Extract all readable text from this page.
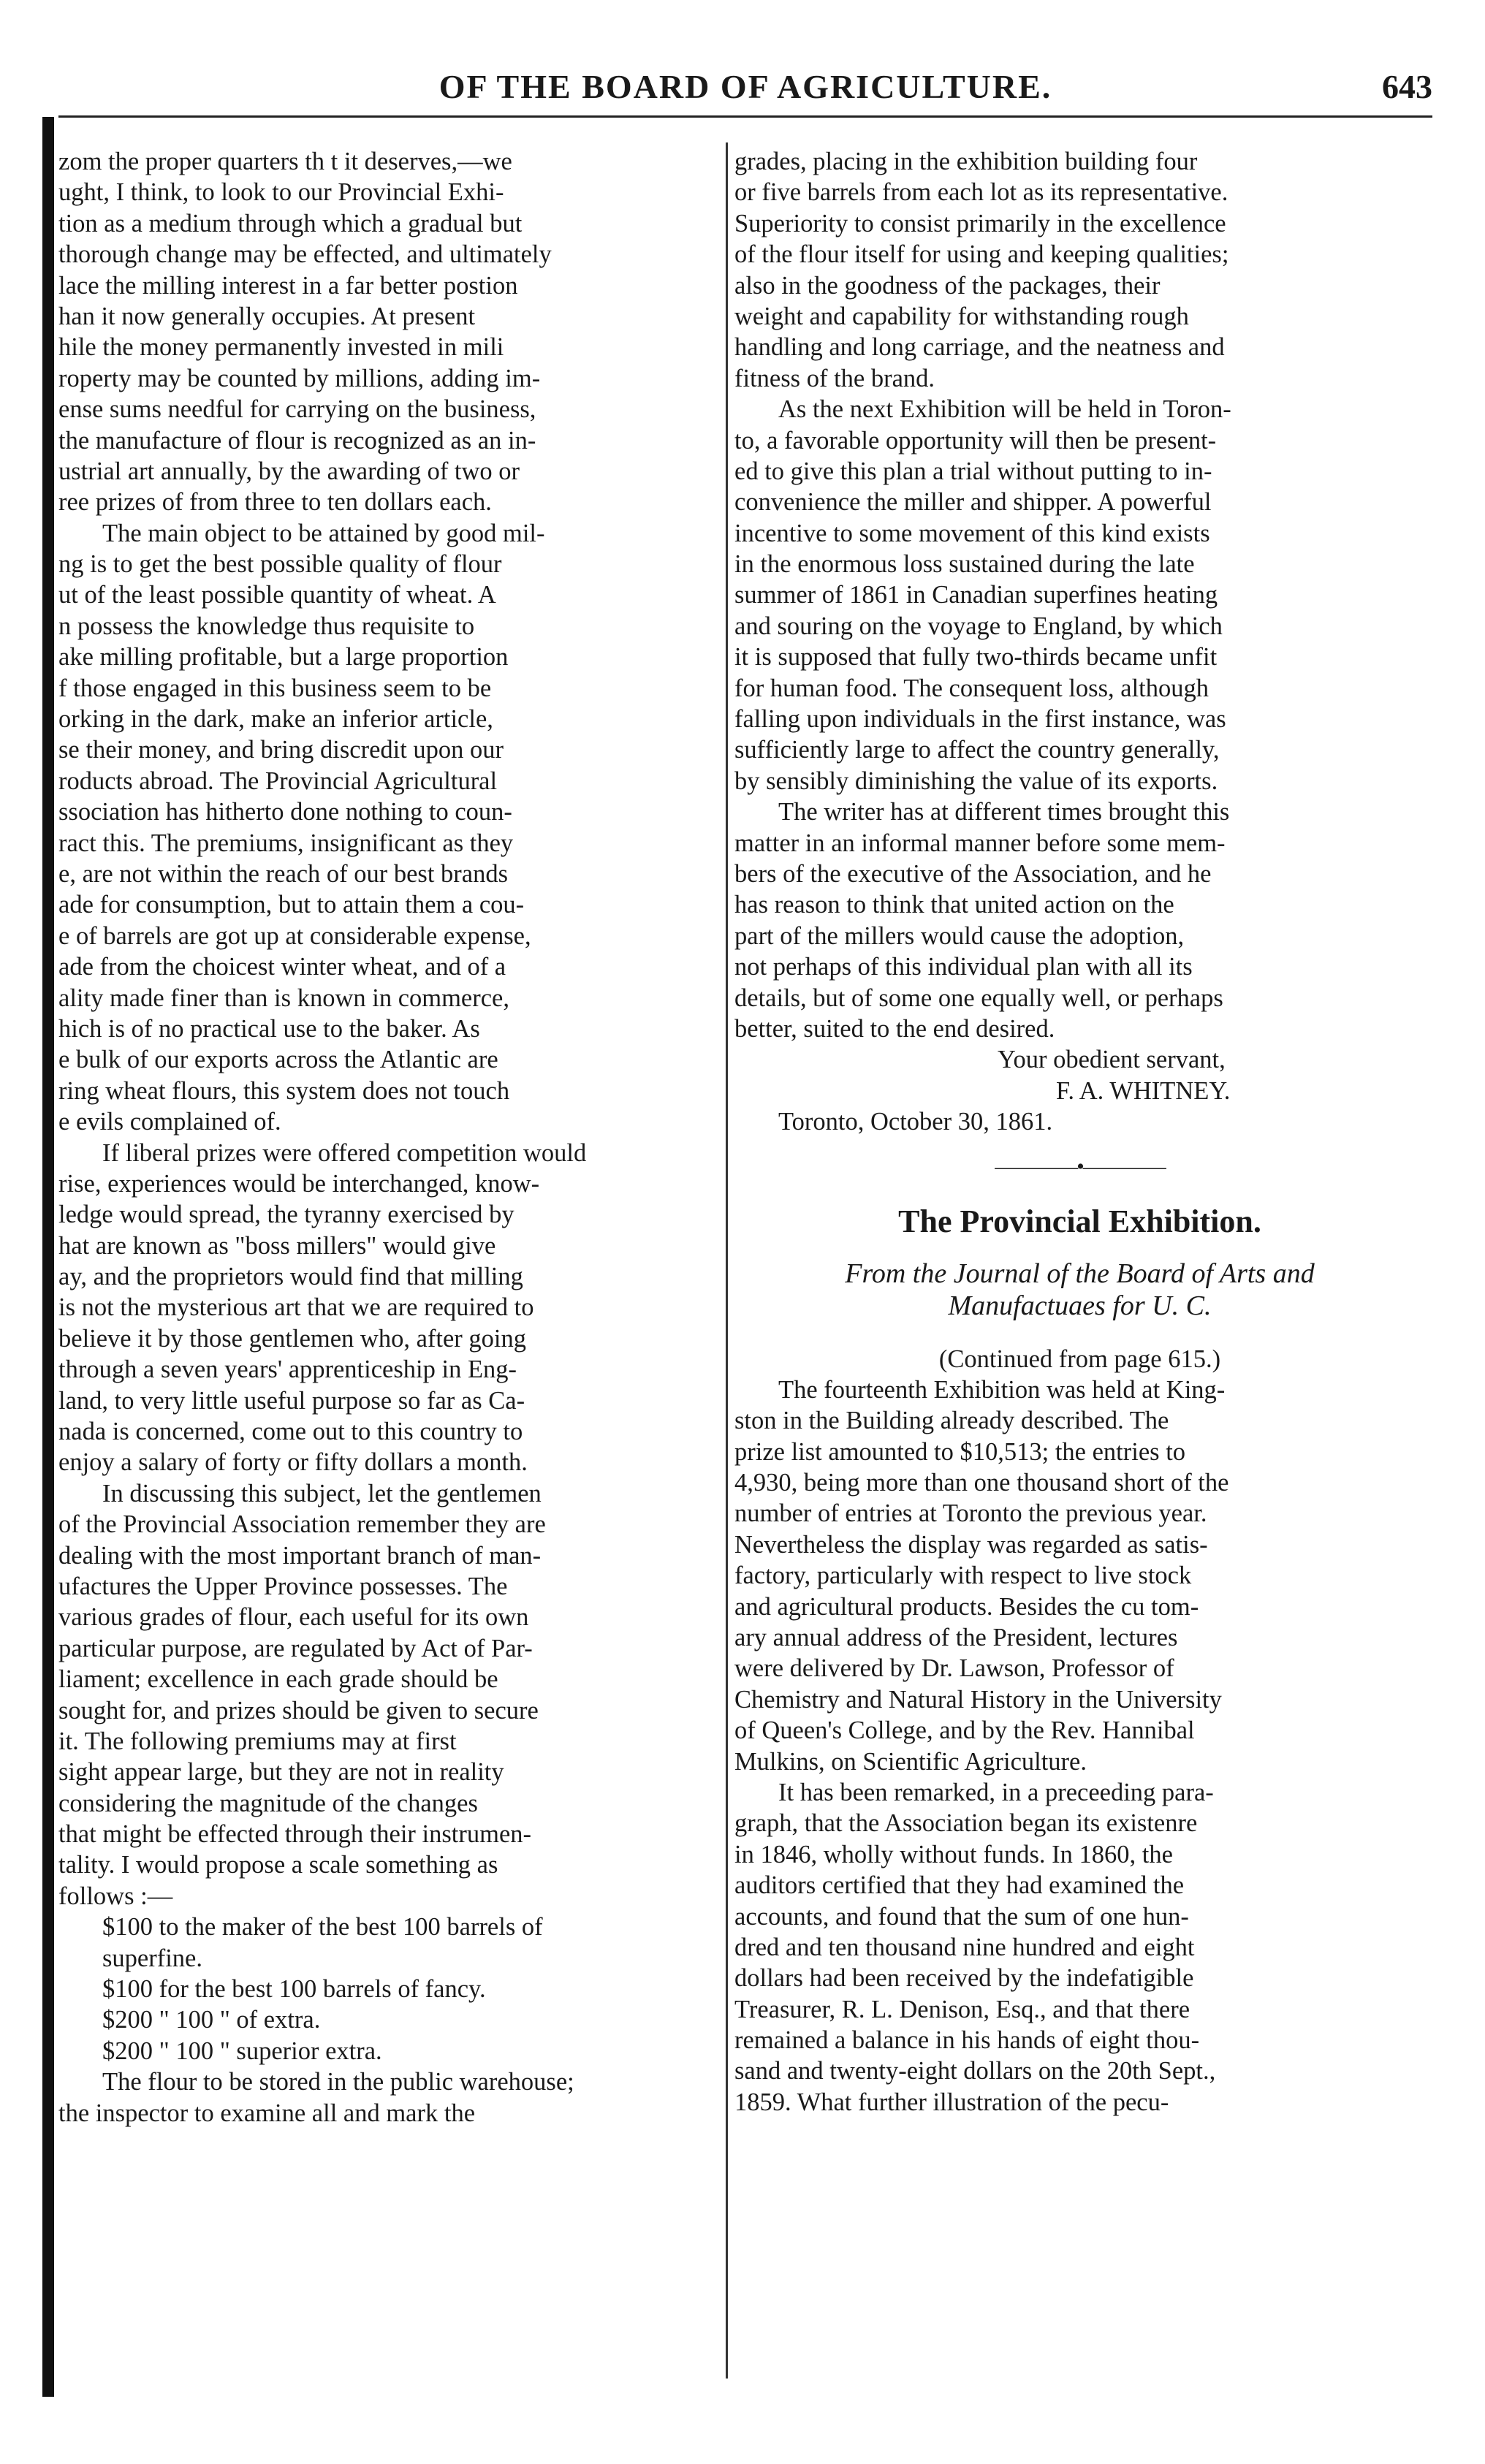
OF THE BOARD OF AGRICULTURE.	643
zom the proper quarters th t it deserves,—we
ught, I think, to look to our Provincial Exhi-
tion as a medium through which a gradual but
thorough change may be effected, and ultimately
lace the milling interest in a far better postion
han it now generally occupies. At present
hile the money permanently invested in mili
roperty may be counted by millions, adding im-
ense sums needful for carrying on the business,
the manufacture of flour is recognized as an in-
ustrial art annually, by the awarding of two or
ree prizes of from three to ten dollars each.
The main object to be attained by good mil-
ng is to get the best possible quality of flour
ut of the least possible quantity of wheat. A
n possess the knowledge thus requisite to
ake milling profitable, but a large proportion
f those engaged in this business seem to be
orking in the dark, make an inferior article,
se their money, and bring discredit upon our
roducts abroad. The Provincial Agricultural
ssociation has hitherto done nothing to coun-
ract this. The premiums, insignificant as they
e, are not within the reach of our best brands
ade for consumption, but to attain them a cou-
e of barrels are got up at considerable expense,
ade from the choicest winter wheat, and of a
ality made finer than is known in commerce,
hich is of no practical use to the baker. As
e bulk of our exports across the Atlantic are
ring wheat flours, this system does not touch
e evils complained of.
If liberal prizes were offered competition would
rise, experiences would be interchanged, know-
ledge would spread, the tyranny exercised by
hat are known as "boss millers" would give
ay, and the proprietors would find that milling
is not the mysterious art that we are required to
believe it by those gentlemen who, after going
through a seven years' apprenticeship in Eng-
land, to very little useful purpose so far as Ca-
nada is concerned, come out to this country to
enjoy a salary of forty or fifty dollars a month.
In discussing this subject, let the gentlemen
of the Provincial Association remember they are
dealing with the most important branch of man-
ufactures the Upper Province possesses. The
various grades of flour, each useful for its own
particular purpose, are regulated by Act of Par-
liament; excellence in each grade should be
sought for, and prizes should be given to secure
it. The following premiums may at first
sight appear large, but they are not in reality
considering the magnitude of the changes
that might be effected through their instrumen-
tality. I would propose a scale something as
follows :—
$100 to the maker of the best 100 barrels of
superfine.
$100 for the best 100 barrels of fancy.
$200 " 100 " of extra.
$200 " 100 " superior extra.
The flour to be stored in the public warehouse;
the inspector to examine all and mark the
grades, placing in the exhibition building four
or five barrels from each lot as its representative.
Superiority to consist primarily in the excellence
of the flour itself for using and keeping qualities;
also in the goodness of the packages, their
weight and capability for withstanding rough
handling and long carriage, and the neatness and
fitness of the brand.
As the next Exhibition will be held in Toron-
to, a favorable opportunity will then be present-
ed to give this plan a trial without putting to in-
convenience the miller and shipper. A powerful
incentive to some movement of this kind exists
in the enormous loss sustained during the late
summer of 1861 in Canadian superfines heating
and souring on the voyage to England, by which
it is supposed that fully two-thirds became unfit
for human food. The consequent loss, although
falling upon individuals in the first instance, was
sufficiently large to affect the country generally,
by sensibly diminishing the value of its exports.
The writer has at different times brought this
matter in an informal manner before some mem-
bers of the executive of the Association, and he
has reason to think that united action on the
part of the millers would cause the adoption,
not perhaps of this individual plan with all its
details, but of some one equally well, or perhaps
better, suited to the end desired.
Your obedient servant,
F. A. WHITNEY.
Toronto, October 30, 1861.
————•————
The Provincial Exhibition.
From the Journal of the Board of Arts and
Manufactuaes for U. C.
(Continued from page 615.)
The fourteenth Exhibition was held at King-
ston in the Building already described. The
prize list amounted to $10,513; the entries to
4,930, being more than one thousand short of the
number of entries at Toronto the previous year.
Nevertheless the display was regarded as satis-
factory, particularly with respect to live stock
and agricultural products. Besides the cu tom-
ary annual address of the President, lectures
were delivered by Dr. Lawson, Professor of
Chemistry and Natural History in the University
of Queen's College, and by the Rev. Hannibal
Mulkins, on Scientific Agriculture.
It has been remarked, in a preceeding para-
graph, that the Association began its existenre
in 1846, wholly without funds. In 1860, the
auditors certified that they had examined the
accounts, and found that the sum of one hun-
dred and ten thousand nine hundred and eight
dollars had been received by the indefatigible
Treasurer, R. L. Denison, Esq., and that there
remained a balance in his hands of eight thou-
sand and twenty-eight dollars on the 20th Sept.,
1859. What further illustration of the pecu-
